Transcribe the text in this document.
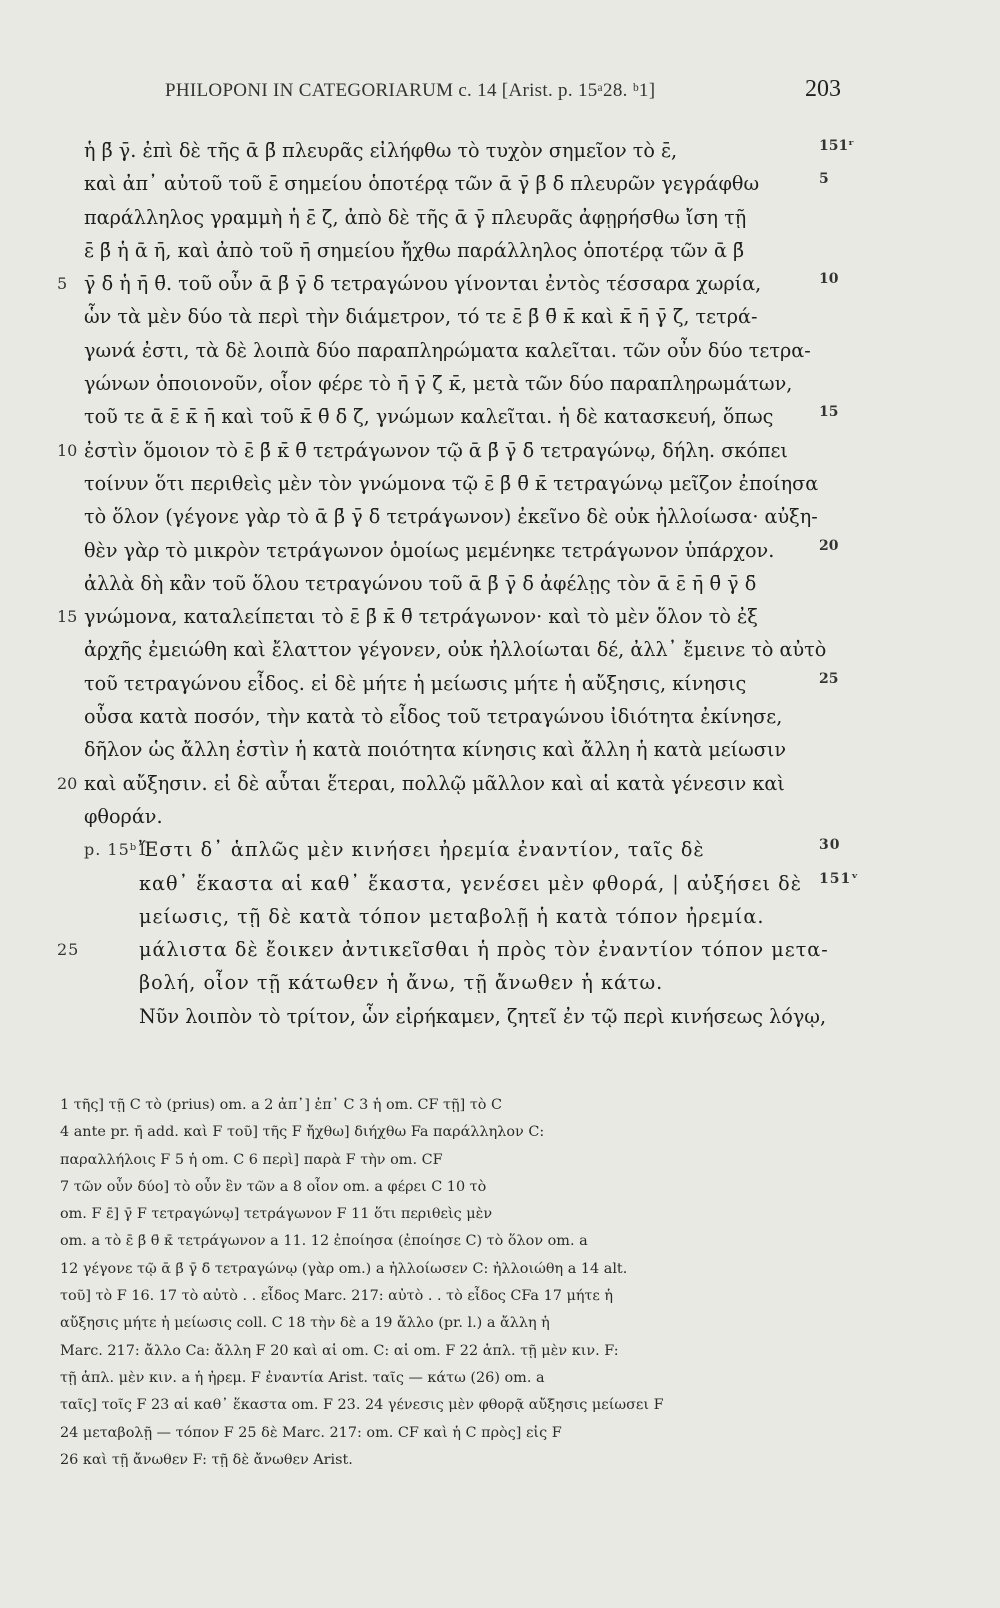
PHILOPONI IN CATEGORIARUM c. 14 [Arist. p. 15ᵃ28. ᵇ1]	203
ἡ β̄ γ̄. ἐπὶ δὲ τῆς ᾱ β̄ πλευρᾶς εἰλήφθω τὸ τυχὸν σημεῖον τὸ ε̄,	151ʳ
καὶ ἀπ᾽ αὐτοῦ τοῦ ε̄ σημείου ὁποτέρᾳ τῶν ᾱ γ̄ β̄ δ̄ πλευρῶν γεγράφθω	5
παράλληλος γραμμὴ ἡ ε̄ ζ̄, ἀπὸ δὲ τῆς ᾱ γ̄ πλευρᾶς ἀφῃρήσθω ἴση τῇ
ε̄ β̄ ἡ ᾱ η̄, καὶ ἀπὸ τοῦ η̄ σημείου ἤχθω παράλληλος ὁποτέρᾳ τῶν ᾱ β̄
5 γ̄ δ̄ ἡ η̄ θ̄. τοῦ οὖν ᾱ β̄ γ̄ δ̄ τετραγώνου γίνονται ἐντὸς τέσσαρα χωρία,	10
ὧν τὰ μὲν δύο τὰ περὶ τὴν διάμετρον, τό τε ε̄ β̄ θ̄ κ̄ καὶ κ̄ η̄ γ̄ ζ̄, τετρά-
γωνά ἐστι, τὰ δὲ λοιπὰ δύο παραπληρώματα καλεῖται. τῶν οὖν δύο τετρα-
γώνων ὁποιονοῦν, οἷον φέρε τὸ η̄ γ̄ ζ̄ κ̄, μετὰ τῶν δύο παραπληρωμάτων,
τοῦ τε ᾱ ε̄ κ̄ η̄ καὶ τοῦ κ̄ θ̄ δ̄ ζ̄, γνώμων καλεῖται. ἡ δὲ κατασκευή, ὅπως	15
10 ἐστὶν ὅμοιον τὸ ε̄ β̄ κ̄ θ̄ τετράγωνον τῷ ᾱ β̄ γ̄ δ̄ τετραγώνῳ, δήλη. σκόπει
τοίνυν ὅτι περιθεὶς μὲν τὸν γνώμονα τῷ ε̄ β̄ θ̄ κ̄ τετραγώνῳ μεῖζον ἐποίησα
τὸ ὅλον (γέγονε γὰρ τὸ ᾱ β̄ γ̄ δ̄ τετράγωνον) ἐκεῖνο δὲ οὐκ ἠλλοίωσα· αὐξη-
θὲν γὰρ τὸ μικρὸν τετράγωνον ὁμοίως μεμένηκε τετράγωνον ὑπάρχον.	20
ἀλλὰ δὴ κἂν τοῦ ὅλου τετραγώνου τοῦ ᾱ β̄ γ̄ δ̄ ἀφέλῃς τὸν ᾱ ε̄ η̄ θ̄ γ̄ δ̄
15 γνώμονα, καταλείπεται τὸ ε̄ β̄ κ̄ θ̄ τετράγωνον· καὶ τὸ μὲν ὅλον τὸ ἐξ
ἀρχῆς ἐμειώθη καὶ ἔλαττον γέγονεν, οὐκ ἠλλοίωται δέ, ἀλλ᾽ ἔμεινε τὸ αὐτὸ
τοῦ τετραγώνου εἶδος. εἰ δὲ μήτε ἡ μείωσις μήτε ἡ αὔξησις, κίνησις	25
οὖσα κατὰ ποσόν, τὴν κατὰ τὸ εἶδος τοῦ τετραγώνου ἰδιότητα ἐκίνησε,
δῆλον ὡς ἄλλη ἐστὶν ἡ κατὰ ποιότητα κίνησις καὶ ἄλλη ἡ κατὰ μείωσιν
20 καὶ αὔξησιν. εἰ δὲ αὗται ἕτεραι, πολλῷ μᾶλλον καὶ αἱ κατὰ γένεσιν καὶ
φθοράν.
p. 15ᵇ1
Ἔστι δ᾽ ἁπλῶς μὲν κινήσει ἠρεμία ἐναντίον, ταῖς δὲ	30
καθ᾽ ἕκαστα αἱ καθ᾽ ἕκαστα, γενέσει μὲν φθορά, | αὐξήσει δὲ 151ᵛ
μείωσις, τῇ δὲ κατὰ τόπον μεταβολῇ ἡ κατὰ τόπον ἠρεμία.
25	μάλιστα δὲ ἔοικεν ἀντικεῖσθαι ἡ πρὸς τὸν ἐναντίον τόπον μετα-
βολή, οἷον τῇ κάτωθεν ἡ ἄνω, τῇ ἄνωθεν ἡ κάτω.
Νῦν λοιπὸν τὸ τρίτον, ὧν εἰρήκαμεν, ζητεῖ ἐν τῷ περὶ κινήσεως λόγῳ,
1 τῆς] τῇ C τὸ (prius) om. a 2 ἀπ᾽] ἐπ᾽ C 3 ἡ om. CF τῇ] τὸ C
4 ante pr. η̄ add. καὶ F τοῦ] τῆς F ἤχθω] διήχθω Fa παράλληλον C:
παραλλήλοις F 5 ἡ om. C 6 περὶ] παρὰ F τὴν om. CF
7 τῶν οὖν δύο] τὸ οὖν ἓν τῶν a 8 οἷον om. a φέρει C 10 τὸ
om. F ε̄] γ̄ F τετραγώνῳ] τετράγωνον F 11 ὅτι περιθεὶς μὲν
om. a τὸ ε̄ β̄ θ̄ κ̄ τετράγωνον a 11. 12 ἐποίησα (ἐποίησε C) τὸ ὅλον om. a
12 γέγονε τῷ ᾱ β̄ γ̄ δ̄ τετραγώνῳ (γὰρ om.) a ἠλλοίωσεν C: ἠλλοιώθη a 14 alt.
τοῦ] τὸ F 16. 17 τὸ αὐτὸ . . εἶδος Marc. 217: αὐτὸ . . τὸ εἶδος CFa 17 μήτε ἡ
αὔξησις μήτε ἡ μείωσις coll. C 18 τὴν δὲ a 19 ἄλλο (pr. l.) a ἄλλη ἡ
Marc. 217: ἄλλο Ca: ἄλλη F 20 καὶ αἱ om. C: αἱ om. F 22 ἁπλ. τῇ μὲν κιν. F:
τῇ ἁπλ. μὲν κιν. a ἡ ἠρεμ. F ἐναντία Arist. ταῖς — κάτω (26) om. a
ταῖς] τοῖς F 23 αἱ καθ᾽ ἕκαστα om. F 23. 24 γένεσις μὲν φθορᾷ αὔξησις μείωσει F
24 μεταβολῇ — τόπον F 25 δὲ Marc. 217: om. CF καὶ ἡ C πρὸς] εἰς F
26 καὶ τῇ ἄνωθεν F: τῇ δὲ ἄνωθεν Arist.
